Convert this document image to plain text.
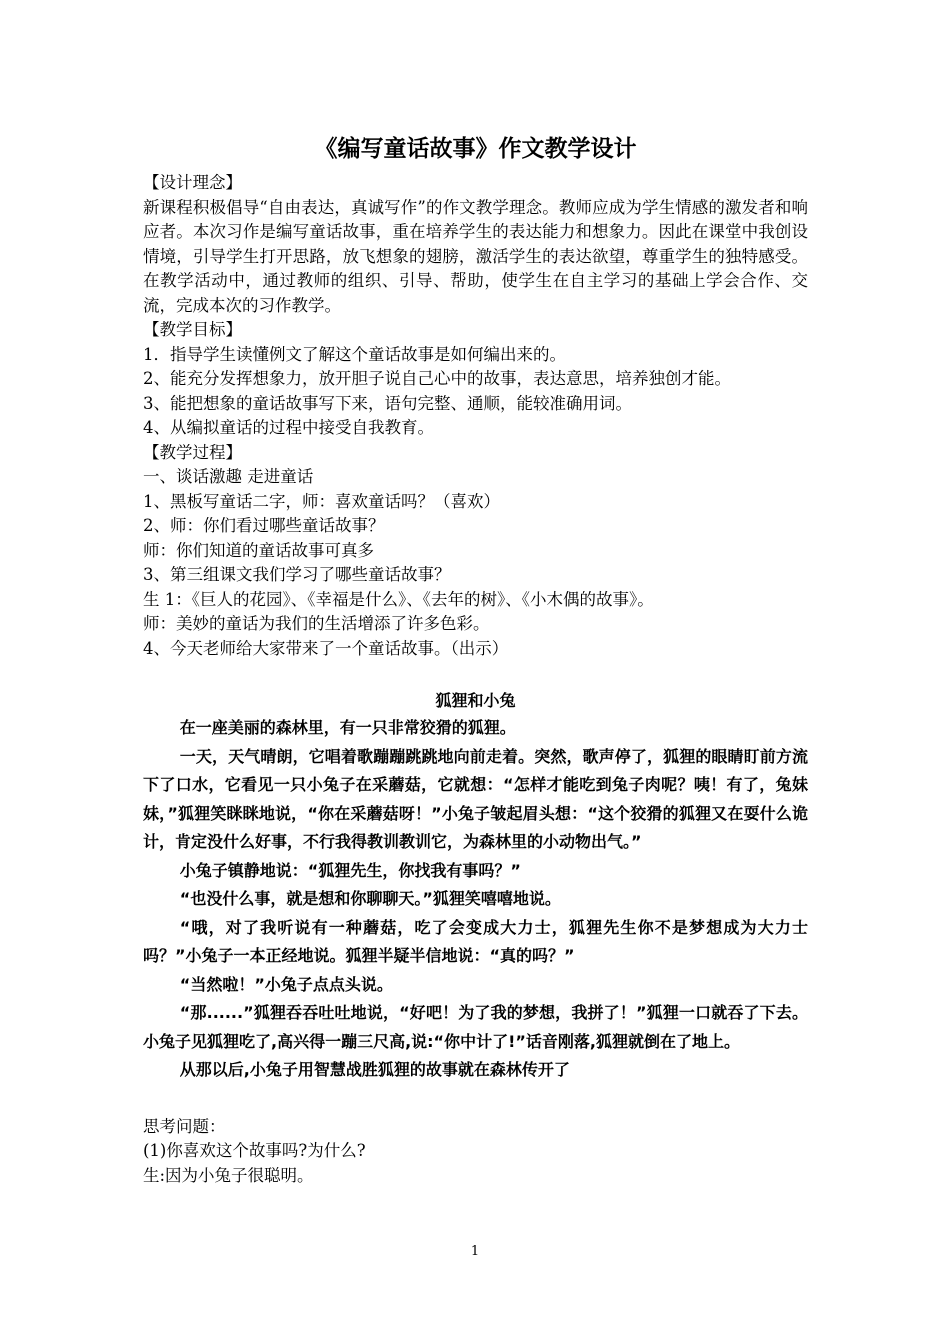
《编写童话故事》作文教学设计
【设计理念】
新课程积极倡导“自由表达，真诚写作”的作文教学理念。教师应成为学生情感的激发者和响应者。本次习作是编写童话故事，重在培养学生的表达能力和想象力。因此在课堂中我创设情境，引导学生打开思路，放飞想象的翅膀，激活学生的表达欲望，尊重学生的独特感受。在教学活动中，通过教师的组织、引导、帮助，使学生在自主学习的基础上学会合作、交流，完成本次的习作教学。
【教学目标】
1．指导学生读懂例文了解这个童话故事是如何编出来的。
2、能充分发挥想象力，放开胆子说自己心中的故事，表达意思，培养独创才能。
3、能把想象的童话故事写下来，语句完整、通顺，能较准确用词。
4、从编拟童话的过程中接受自我教育。
【教学过程】
一、谈话激趣 走进童话
1、黑板写童话二字，师：喜欢童话吗？（喜欢）
2、师：你们看过哪些童话故事？
师：你们知道的童话故事可真多
3、第三组课文我们学习了哪些童话故事？
生 1：《巨人的花园》、《幸福是什么》、《去年的树》、《小木偶的故事》。
师：美妙的童话为我们的生活增添了许多色彩。
4、今天老师给大家带来了一个童话故事。（出示）
狐狸和小兔

在一座美丽的森林里，有一只非常狡猾的狐狸。

一天，天气晴朗，它唱着歌蹦蹦跳跳地向前走着。突然，歌声停了，狐狸的眼睛盯前方流下了口水，它看见一只小兔子在采蘑菇，它就想：“怎样才能吃到兔子肉呢？咦！有了，兔妹妹，”狐狸笑眯眯地说，“你在采蘑菇呀！”小兔子皱起眉头想：“这个狡猾的狐狸又在耍什么诡计，肯定没什么好事，不行我得教训教训它，为森林里的小动物出气。”

小兔子镇静地说：“狐狸先生，你找我有事吗？”

“也没什么事，就是想和你聊聊天。”狐狸笑嘻嘻地说。

“哦，对了我听说有一种蘑菇，吃了会变成大力士，狐狸先生你不是梦想成为大力士吗？”小兔子一本正经地说。狐狸半疑半信地说：“真的吗？”

“当然啦！”小兔子点点头说。

“那......”狐狸吞吞吐吐地说，“好吧！为了我的梦想，我拼了！”狐狸一口就吞了下去。小兔子见狐狸吃了,高兴得一蹦三尺高,说:“你中计了!”话音刚落,狐狸就倒在了地上。

从那以后,小兔子用智慧战胜狐狸的故事就在森林传开了

思考问题：
(1)你喜欢这个故事吗?为什么?
生:因为小兔子很聪明。
1
